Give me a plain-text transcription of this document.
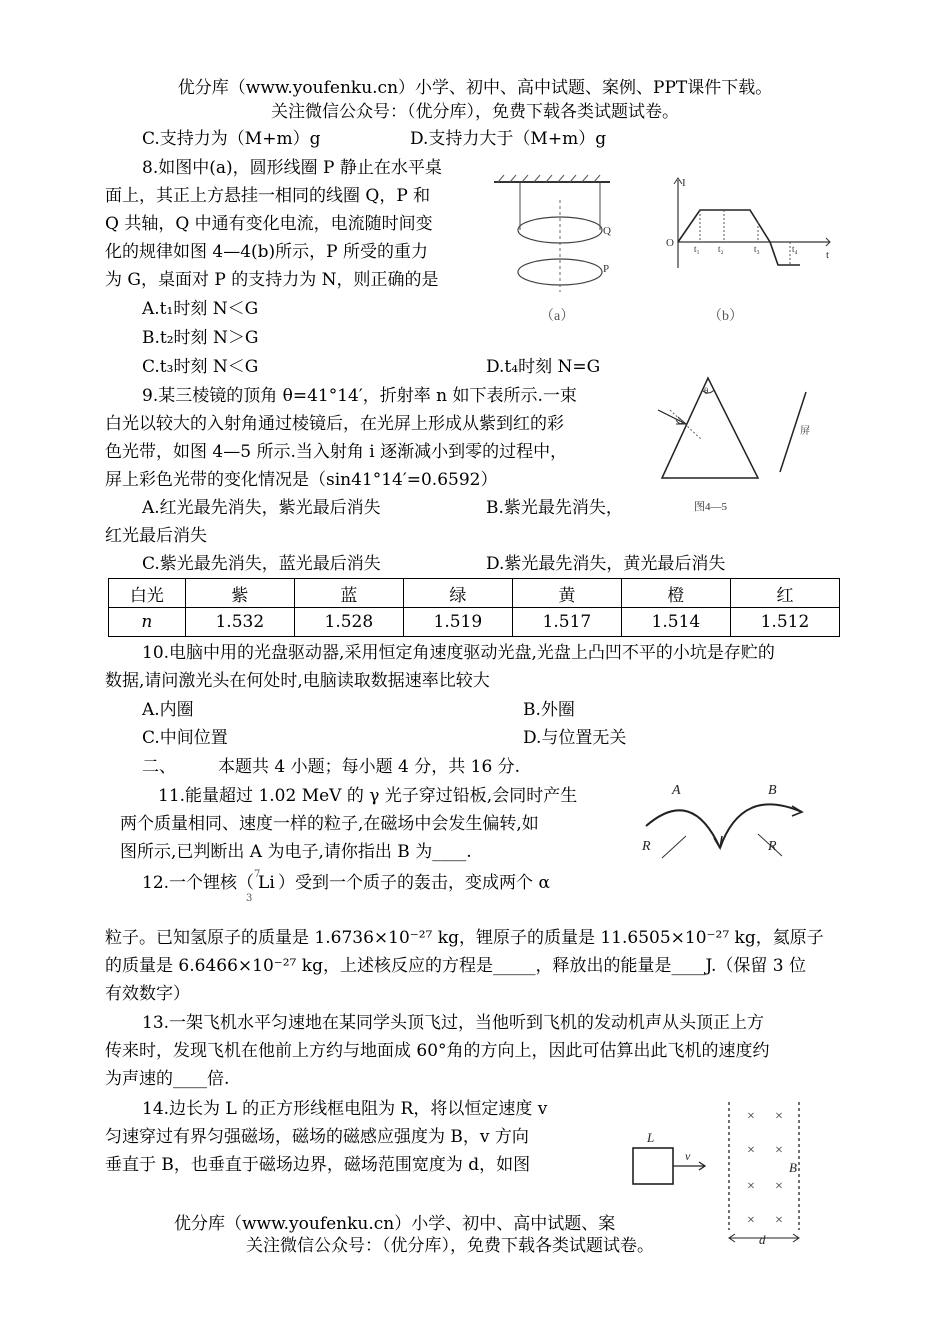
优分库（www.youfenku.cn）小学、初中、高中试题、案例、PPT课件下载。
关注微信公众号：（优分库），免费下载各类试题试卷。
C.支持力为（M+m）g	D.支持力大于（M+m）g
8.如图中(a)，圆形线圈 P 静止在水平桌
面上，其正上方悬挂一相同的线圈 Q，P 和
Q 共轴，Q 中通有变化电流，电流随时间变
化的规律如图 4—4(b)所示，P 所受的重力
为 G，桌面对 P 的支持力为 N，则正确的是
A.t₁时刻 N＜G
B.t₂时刻 N＞G
C.t₃时刻 N＜G	D.t₄时刻 N=G
Q
P
（a）
I
O
t
t₁ t₂	t₃	t₄
（b）
9.某三棱镜的顶角 θ=41°14′，折射率 n 如下表所示.一束
白光以较大的入射角通过棱镜后，在光屏上形成从紫到红的彩
色光带，如图 4—5 所示.当入射角 i 逐渐减小到零的过程中，
屏上彩色光带的变化情况是（sin41°14′=0.6592）
A.红光最先消失，紫光最后消失	B.紫光最先消失，
红光最后消失
C.紫光最先消失，蓝光最后消失	D.紫光最先消失，黄光最后消失
θ
屏
图4—5
白光	紫	蓝	绿	黄	橙	红
n	1.532	1.528	1.519	1.517	1.514	1.512
10.电脑中用的光盘驱动器,采用恒定角速度驱动光盘,光盘上凸凹不平的小坑是存贮的
数据,请问激光头在何处时,电脑读取数据速率比较大
A.内圈	B.外圈
C.中间位置	D.与位置无关
二、 本题共 4 小题；每小题 4 分，共 16 分.
11.能量超过 1.02 MeV 的 γ 光子穿过铅板,会同时产生
两个质量相同、速度一样的粒子,在磁场中会发生偏转,如
图所示,已判断出 A 为电子,请你指出 B 为____.
A	B
R	R
12.一个锂核（ 7
3
Li ）受到一个质子的轰击，变成两个 α
粒子。已知氢原子的质量是 1.6736×10⁻²⁷ kg，锂原子的质量是 11.6505×10⁻²⁷ kg，氦原子
的质量是 6.6466×10⁻²⁷ kg，上述核反应的方程是_____，释放出的能量是____J.（保留 3 位
有效数字）
13.一架飞机水平匀速地在某同学头顶飞过，当他听到飞机的发动机声从头顶正上方
传来时，发现飞机在他前上方约与地面成 60°角的方向上，因此可估算出此飞机的速度约
为声速的____倍.
14.边长为 L 的正方形线框电阻为 R，将以恒定速度 v
匀速穿过有界匀强磁场，磁场的磁感应强度为 B，v 方向
垂直于 B，也垂直于磁场边界，磁场范围宽度为 d，如图
L
v
× ×
× ×
× ×
× ×
B
d
优分库（www.youfenku.cn）小学、初中、高中试题、案
关注微信公众号：（优分库），免费下载各类试题试卷。
